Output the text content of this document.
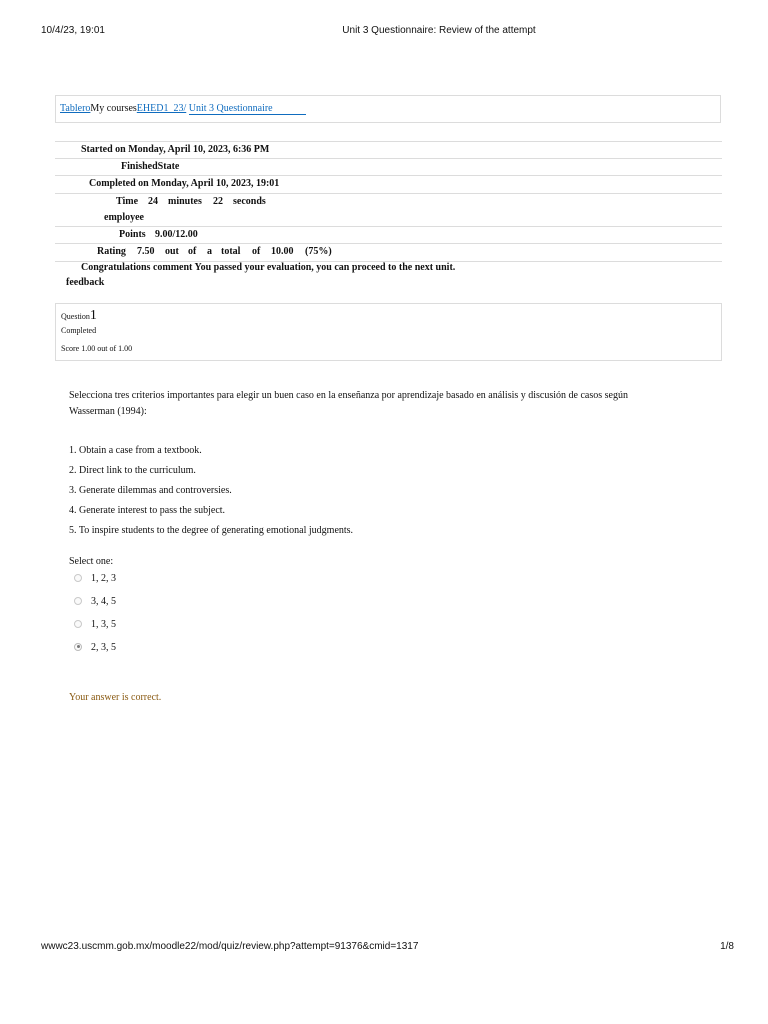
10/4/23, 19:01	Unit 3 Questionnaire: Review of the attempt
TableroMy coursesEHED1_23/ Unit 3 Questionnaire
Started on Monday, April 10, 2023, 6:36 PM
FinishedState
Completed on Monday, April 10, 2023, 19:01
Time 24 minutes 22 seconds
employee
Points 9.00/12.00
Rating 7.50 out of a total of 10.00 (75%)
Congratulations comment You passed your evaluation, you can proceed to the next unit.
feedback
Question1
Completed
Score 1.00 out of 1.00
Selecciona tres criterios importantes para elegir un buen caso en la enseñanza por aprendizaje basado en análisis y discusión de casos según Wasserman (1994):
1. Obtain a case from a textbook.
2. Direct link to the curriculum.
3. Generate dilemmas and controversies.
4. Generate interest to pass the subject.
5. To inspire students to the degree of generating emotional judgments.
Select one:
1, 2, 3
3, 4, 5
1, 3, 5
2, 3, 5
Your answer is correct.
wwwc23.uscmm.gob.mx/moodle22/mod/quiz/review.php?attempt=91376&cmid=1317	1/8
